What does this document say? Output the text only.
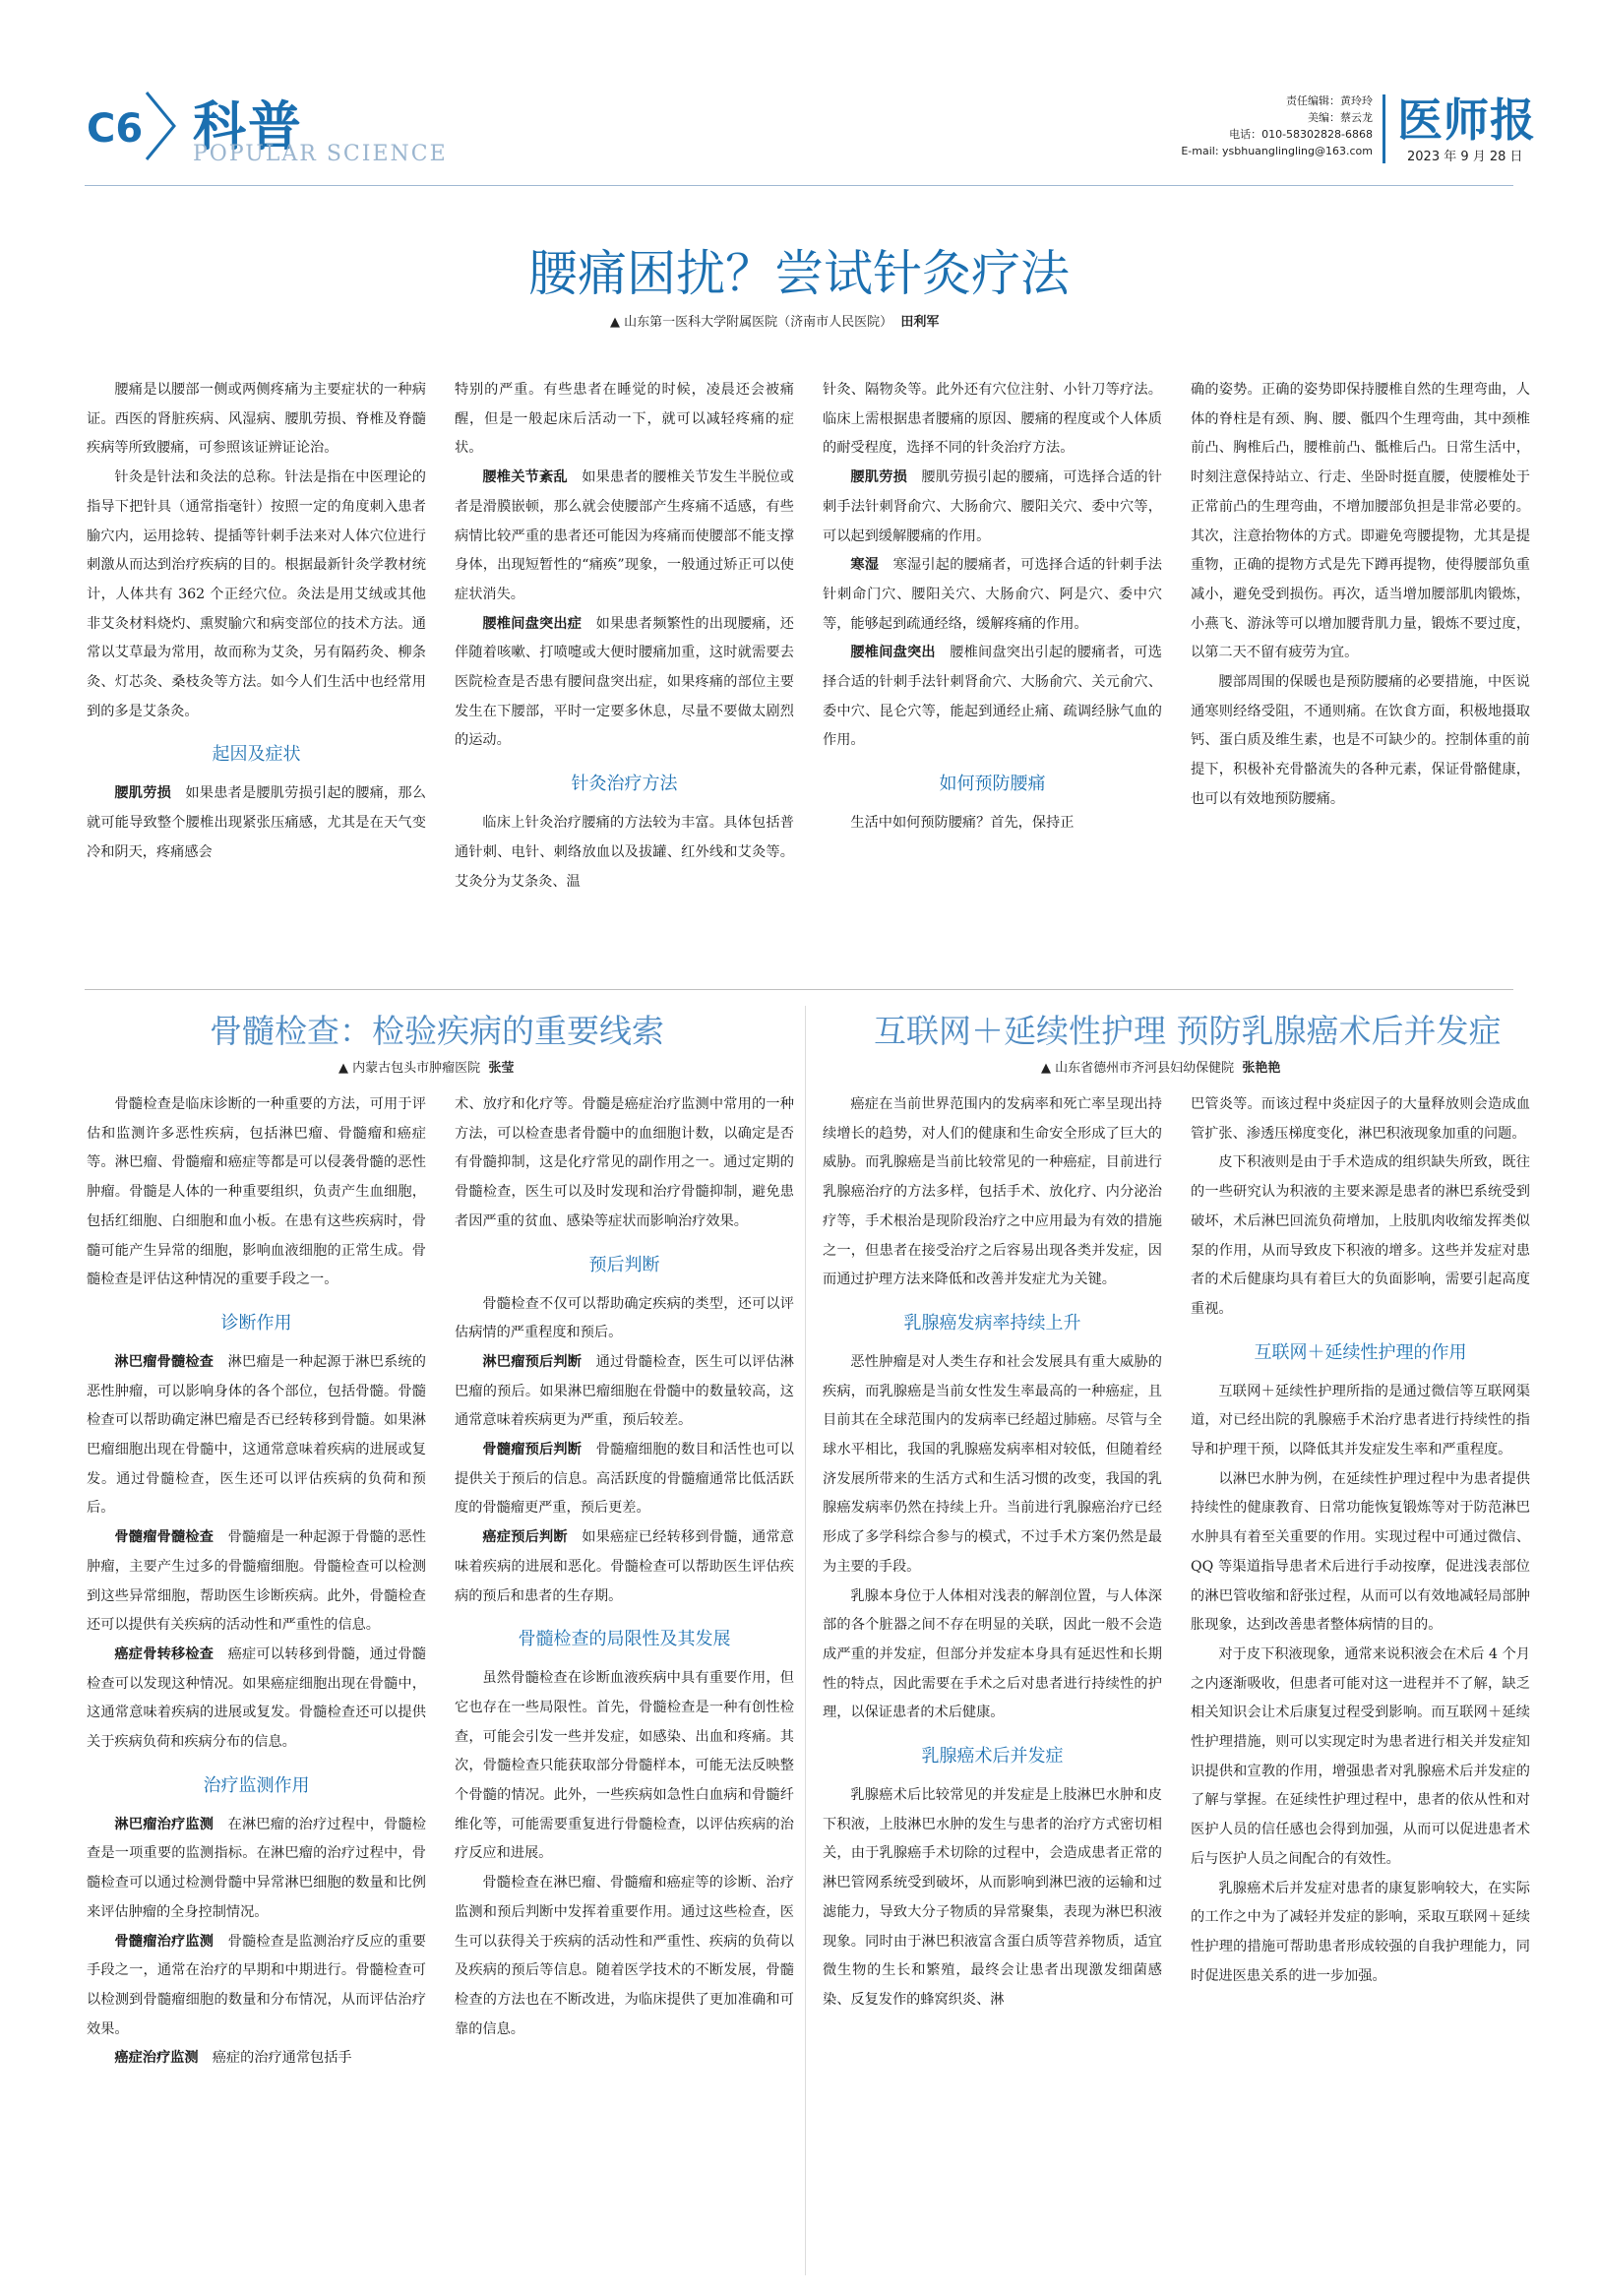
C6 科普
POPULAR SCIENCE
责任编辑：黄玲玲
美编：蔡云龙
电话：010-58302828-6868
E-mail: ysbhuanglingling@163.com
医师报
2023 年 9 月 28 日
腰痛困扰？尝试针灸疗法
▲ 山东第一医科大学附属医院（济南市人民医院） 田利军

腰痛是以腰部一侧或两侧疼痛为主要症状的一种病证。西医的肾脏疾病、风湿病、腰肌劳损、脊椎及脊髓疾病等所致腰痛，可参照该证辨证论治。

针灸是针法和灸法的总称。针法是指在中医理论的指导下把针具（通常指毫针）按照一定的角度刺入患者腧穴内，运用捻转、提插等针刺手法来对人体穴位进行刺激从而达到治疗疾病的目的。根据最新针灸学教材统计，人体共有 362 个正经穴位。灸法是用艾绒或其他非艾灸材料烧灼、熏熨腧穴和病变部位的技术方法。通常以艾草最为常用，故而称为艾灸，另有隔药灸、柳条灸、灯芯灸、桑枝灸等方法。如今人们生活中也经常用到的多是艾条灸。

起因及症状

腰肌劳损　 如果患者是腰肌劳损引起的腰痛，那么就可能导致整个腰椎出现紧张压痛感，尤其是在天气变冷和阴天，疼痛感会

特别的严重。有些患者在睡觉的时候，凌晨还会被痛醒，但是一般起床后活动一下，就可以减轻疼痛的症状。

腰椎关节紊乱　 如果患者的腰椎关节发生半脱位或者是滑膜嵌顿，那么就会使腰部产生疼痛不适感，有些病情比较严重的患者还可能因为疼痛而使腰部不能支撑身体，出现短暂性的“痛痪”现象，一般通过矫正可以使症状消失。

腰椎间盘突出症　 如果患者频繁性的出现腰痛，还伴随着咳嗽、打喷嚏或大便时腰痛加重，这时就需要去医院检查是否患有腰间盘突出症，如果疼痛的部位主要发生在下腰部，平时一定要多休息，尽量不要做太剧烈的运动。

针灸治疗方法

临床上针灸治疗腰痛的方法较为丰富。具体包括普通针刺、电针、刺络放血以及拔罐、红外线和艾灸等。艾灸分为艾条灸、温

针灸、隔物灸等。此外还有穴位注射、小针刀等疗法。临床上需根据患者腰痛的原因、腰痛的程度或个人体质的耐受程度，选择不同的针灸治疗方法。

腰肌劳损　 腰肌劳损引起的腰痛，可选择合适的针刺手法针刺肾俞穴、大肠俞穴、腰阳关穴、委中穴等，可以起到缓解腰痛的作用。

寒湿　 寒湿引起的腰痛者，可选择合适的针刺手法针刺命门穴、腰阳关穴、大肠俞穴、阿是穴、委中穴等，能够起到疏通经络，缓解疼痛的作用。

腰椎间盘突出　 腰椎间盘突出引起的腰痛者，可选择合适的针刺手法针刺肾俞穴、大肠俞穴、关元俞穴、委中穴、昆仑穴等，能起到通经止痛、疏调经脉气血的作用。

如何预防腰痛

生活中如何预防腰痛？首先，保持正

确的姿势。正确的姿势即保持腰椎自然的生理弯曲，人体的脊柱是有颈、胸、腰、骶四个生理弯曲，其中颈椎前凸、胸椎后凸，腰椎前凸、骶椎后凸。日常生活中，时刻注意保持站立、行走、坐卧时挺直腰，使腰椎处于正常前凸的生理弯曲，不增加腰部负担是非常必要的。其次，注意抬物体的方式。即避免弯腰提物，尤其是提重物，正确的提物方式是先下蹲再提物，使得腰部负重减小，避免受到损伤。再次，适当增加腰部肌肉锻炼，小燕飞、游泳等可以增加腰背肌力量，锻炼不要过度，以第二天不留有疲劳为宜。

腰部周围的保暖也是预防腰痛的必要措施，中医说通寒则经络受阻，不通则痛。在饮食方面，积极地摄取钙、蛋白质及维生素，也是不可缺少的。控制体重的前提下，积极补充骨骼流失的各种元素，保证骨骼健康，也可以有效地预防腰痛。

骨髓检查：检验疾病的重要线索
▲ 内蒙古包头市肿瘤医院 张莹

骨髓检查是临床诊断的一种重要的方法，可用于评估和监测许多恶性疾病，包括淋巴瘤、骨髓瘤和癌症等。淋巴瘤、骨髓瘤和癌症等都是可以侵袭骨髓的恶性肿瘤。骨髓是人体的一种重要组织，负责产生血细胞，包括红细胞、白细胞和血小板。在患有这些疾病时，骨髓可能产生异常的细胞，影响血液细胞的正常生成。骨髓检查是评估这种情况的重要手段之一。

诊断作用

淋巴瘤骨髓检查　 淋巴瘤是一种起源于淋巴系统的恶性肿瘤，可以影响身体的各个部位，包括骨髓。骨髓检查可以帮助确定淋巴瘤是否已经转移到骨髓。如果淋巴瘤细胞出现在骨髓中，这通常意味着疾病的进展或复发。通过骨髓检查，医生还可以评估疾病的负荷和预后。

骨髓瘤骨髓检查　 骨髓瘤是一种起源于骨髓的恶性肿瘤，主要产生过多的骨髓瘤细胞。骨髓检查可以检测到这些异常细胞，帮助医生诊断疾病。此外，骨髓检查还可以提供有关疾病的活动性和严重性的信息。

癌症骨转移检查　 癌症可以转移到骨髓，通过骨髓检查可以发现这种情况。如果癌症细胞出现在骨髓中，这通常意味着疾病的进展或复发。骨髓检查还可以提供关于疾病负荷和疾病分布的信息。

治疗监测作用

淋巴瘤治疗监测　 在淋巴瘤的治疗过程中，骨髓检查是一项重要的监测指标。在淋巴瘤的治疗过程中，骨髓检查可以通过检测骨髓中异常淋巴细胞的数量和比例来评估肿瘤的全身控制情况。

骨髓瘤治疗监测　 骨髓检查是监测治疗反应的重要手段之一，通常在治疗的早期和中期进行。骨髓检查可以检测到骨髓瘤细胞的数量和分布情况，从而评估治疗效果。

癌症治疗监测　 癌症的治疗通常包括手

术、放疗和化疗等。骨髓是癌症治疗监测中常用的一种方法，可以检查患者骨髓中的血细胞计数，以确定是否有骨髓抑制，这是化疗常见的副作用之一。通过定期的骨髓检查，医生可以及时发现和治疗骨髓抑制，避免患者因严重的贫血、感染等症状而影响治疗效果。

预后判断

骨髓检查不仅可以帮助确定疾病的类型，还可以评估病情的严重程度和预后。

淋巴瘤预后判断　 通过骨髓检查，医生可以评估淋巴瘤的预后。如果淋巴瘤细胞在骨髓中的数量较高，这通常意味着疾病更为严重，预后较差。

骨髓瘤预后判断　 骨髓瘤细胞的数目和活性也可以提供关于预后的信息。高活跃度的骨髓瘤通常比低活跃度的骨髓瘤更严重，预后更差。

癌症预后判断　 如果癌症已经转移到骨髓，通常意味着疾病的进展和恶化。骨髓检查可以帮助医生评估疾病的预后和患者的生存期。

骨髓检查的局限性及其发展

虽然骨髓检查在诊断血液疾病中具有重要作用，但它也存在一些局限性。首先，骨髓检查是一种有创性检查，可能会引发一些并发症，如感染、出血和疼痛。其次，骨髓检查只能获取部分骨髓样本，可能无法反映整个骨髓的情况。此外，一些疾病如急性白血病和骨髓纤维化等，可能需要重复进行骨髓检查，以评估疾病的治疗反应和进展。

骨髓检查在淋巴瘤、骨髓瘤和癌症等的诊断、治疗监测和预后判断中发挥着重要作用。通过这些检查，医生可以获得关于疾病的活动性和严重性、疾病的负荷以及疾病的预后等信息。随着医学技术的不断发展，骨髓检查的方法也在不断改进，为临床提供了更加准确和可靠的信息。

互联网＋延续性护理 预防乳腺癌术后并发症
▲ 山东省德州市齐河县妇幼保健院 张艳艳

癌症在当前世界范围内的发病率和死亡率呈现出持续增长的趋势，对人们的健康和生命安全形成了巨大的威胁。而乳腺癌是当前比较常见的一种癌症，目前进行乳腺癌治疗的方法多样，包括手术、放化疗、内分泌治疗等，手术根治是现阶段治疗之中应用最为有效的措施之一，但患者在接受治疗之后容易出现各类并发症，因而通过护理方法来降低和改善并发症尤为关键。

乳腺癌发病率持续上升

恶性肿瘤是对人类生存和社会发展具有重大威胁的疾病，而乳腺癌是当前女性发生率最高的一种癌症，且目前其在全球范围内的发病率已经超过肺癌。尽管与全球水平相比，我国的乳腺癌发病率相对较低，但随着经济发展所带来的生活方式和生活习惯的改变，我国的乳腺癌发病率仍然在持续上升。当前进行乳腺癌治疗已经形成了多学科综合参与的模式，不过手术方案仍然是最为主要的手段。

乳腺本身位于人体相对浅表的解剖位置，与人体深部的各个脏器之间不存在明显的关联，因此一般不会造成严重的并发症，但部分并发症本身具有延迟性和长期性的特点，因此需要在手术之后对患者进行持续性的护理，以保证患者的术后健康。

乳腺癌术后并发症

乳腺癌术后比较常见的并发症是上肢淋巴水肿和皮下积液，上肢淋巴水肿的发生与患者的治疗方式密切相关，由于乳腺癌手术切除的过程中，会造成患者正常的淋巴管网系统受到破坏，从而影响到淋巴液的运输和过滤能力，导致大分子物质的异常聚集，表现为淋巴积液现象。同时由于淋巴积液富含蛋白质等营养物质，适宜微生物的生长和繁殖，最终会让患者出现激发细菌感染、反复发作的蜂窝织炎、淋

巴管炎等。而该过程中炎症因子的大量释放则会造成血管扩张、渗透压梯度变化，淋巴积液现象加重的问题。

皮下积液则是由于手术造成的组织缺失所致，既往的一些研究认为积液的主要来源是患者的淋巴系统受到破坏，术后淋巴回流负荷增加，上肢肌肉收缩发挥类似泵的作用，从而导致皮下积液的增多。这些并发症对患者的术后健康均具有着巨大的负面影响，需要引起高度重视。

互联网＋延续性护理的作用

互联网＋延续性护理所指的是通过微信等互联网渠道，对已经出院的乳腺癌手术治疗患者进行持续性的指导和护理干预，以降低其并发症发生率和严重程度。

以淋巴水肿为例，在延续性护理过程中为患者提供持续性的健康教育、日常功能恢复锻炼等对于防范淋巴水肿具有着至关重要的作用。实现过程中可通过微信、QQ 等渠道指导患者术后进行手动按摩，促进浅表部位的淋巴管收缩和舒张过程，从而可以有效地减轻局部肿胀现象，达到改善患者整体病情的目的。

对于皮下积液现象，通常来说积液会在术后 4 个月之内逐渐吸收，但患者可能对这一进程并不了解，缺乏相关知识会让术后康复过程受到影响。而互联网＋延续性护理措施，则可以实现定时为患者进行相关并发症知识提供和宣教的作用，增强患者对乳腺癌术后并发症的了解与掌握。在延续性护理过程中，患者的依从性和对医护人员的信任感也会得到加强，从而可以促进患者术后与医护人员之间配合的有效性。

乳腺癌术后并发症对患者的康复影响较大，在实际的工作之中为了减轻并发症的影响，采取互联网＋延续性护理的措施可帮助患者形成较强的自我护理能力，同时促进医患关系的进一步加强。
